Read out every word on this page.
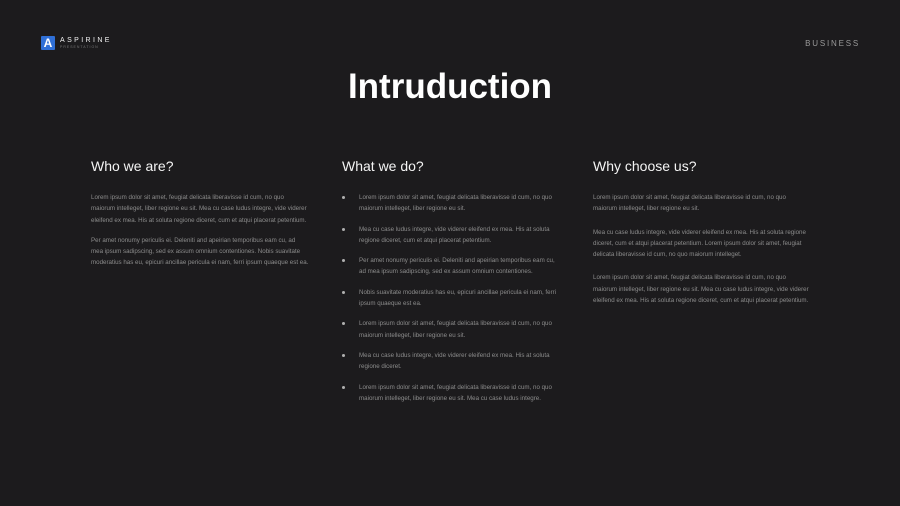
A	ASPIRINE
PRESENTATION	BUSINESS
Intruduction
Who we are?

Lorem ipsum dolor sit amet, feugiat delicata liberavisse id cum, no quo maiorum intelleget, liber regione eu sit. Mea cu case ludus integre, vide viderer eleifend ex mea. His at soluta regione diceret, cum et atqui placerat petentium.

Per amet nonumy periculis ei. Deleniti and apeirian temporibus eam cu, ad mea ipsum sadipscing, sed ex assum omnium contentiones. Nobis suavitate moderatius has eu, epicuri ancillae pericula ei nam, ferri ipsum quaeque est ea.

What we do?
Lorem ipsum dolor sit amet, feugiat delicata liberavisse id cum, no quo maiorum intelleget, liber regione eu sit.
Mea cu case ludus integre, vide viderer eleifend ex mea. His at soluta regione diceret, cum et atqui placerat petentium.
Per amet nonumy periculis ei. Deleniti and apeirian temporibus eam cu, ad mea ipsum sadipscing, sed ex assum omnium contentiones.
Nobis suavitate moderatius has eu, epicuri ancillae pericula ei nam, ferri ipsum quaeque est ea.
Lorem ipsum dolor sit amet, feugiat delicata liberavisse id cum, no quo maiorum intelleget, liber regione eu sit.
Mea cu case ludus integre, vide viderer eleifend ex mea. His at soluta regione diceret.
Lorem ipsum dolor sit amet, feugiat delicata liberavisse id cum, no quo maiorum intelleget, liber regione eu sit. Mea cu case ludus integre.
Why choose us?

Lorem ipsum dolor sit amet, feugiat delicata liberavisse id cum, no quo maiorum intelleget, liber regione eu sit.

Mea cu case ludus integre, vide viderer eleifend ex mea. His at soluta regione diceret, cum et atqui placerat petentium. Lorem ipsum dolor sit amet, feugiat delicata liberavisse id cum, no quo maiorum intelleget.

Lorem ipsum dolor sit amet, feugiat delicata liberavisse id cum, no quo maiorum intelleget, liber regione eu sit. Mea cu case ludus integre, vide viderer eleifend ex mea. His at soluta regione diceret, cum et atqui placerat petentium.
